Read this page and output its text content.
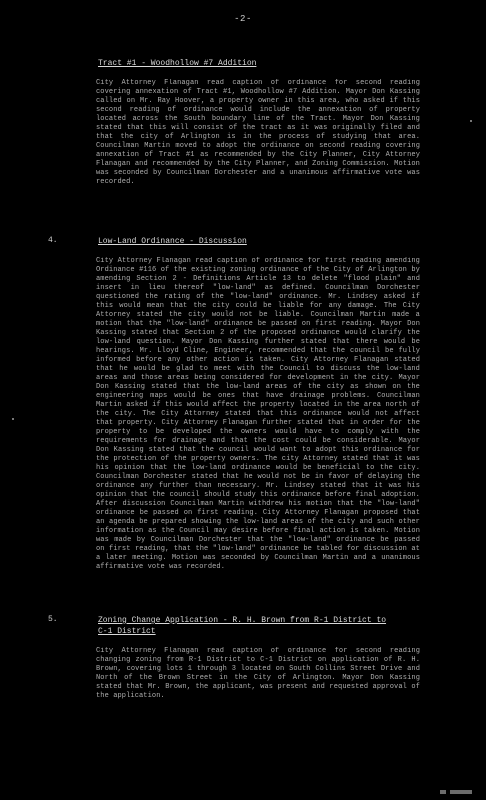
-2-
Tract #1 - Woodhollow #7 Addition

City Attorney Flanagan read caption of ordinance for second reading covering annexation of Tract #1, Woodhollow #7 Addition. Mayor Don Kassing called on Mr. Ray Hoover, a property owner in this area, who asked if this second reading of ordinance would include the annexation of property located across the South boundary line of the Tract. Mayor Don Kassing stated that this will consist of the tract as it was originally filed and that the city of Arlington is in the process of studying that area. Councilman Martin moved to adopt the ordinance on second reading covering annexation of Tract #1 as recommended by the City Planner, City Attorney Flanagan and recommended by the City Planner, and Zoning Commission. Motion was seconded by Councilman Dorchester and a unanimous affirmative vote was recorded.

4.	Low-Land Ordinance - Discussion

City Attorney Flanagan read caption of ordinance for first reading amending Ordinance #116 of the existing zoning ordinance of the City of Arlington by amending Section 2 - Definitions Article 13 to delete "flood plain" and insert in lieu thereof "low-land" as defined. Councilman Dorchester questioned the rating of the "low-land" ordinance. Mr. Lindsey asked if this would mean that the city could be liable for any damage. The City Attorney stated the city would not be liable. Councilman Martin made a motion that the "low-land" ordinance be passed on first reading. Mayor Don Kassing stated that Section 2 of the proposed ordinance would clarify the low-land question. Mayor Don Kassing further stated that there would be hearings. Mr. Lloyd Cline, Engineer, recommended that the council be fully informed before any other action is taken. City Attorney Flanagan stated that he would be glad to meet with the Council to discuss the low-land areas and those areas being considered for development in the city. Mayor Don Kassing stated that the low-land areas of the city as shown on the engineering maps would be ones that have drainage problems. Councilman Martin asked if this would affect the property located in the area north of the city. The City Attorney stated that this ordinance would not affect that property. City Attorney Flanagan further stated that in order for the property to be developed the owners would have to comply with the requirements for drainage and that the cost could be considerable. Mayor Don Kassing stated that the council would want to adopt this ordinance for the protection of the property owners. The city Attorney stated that it was his opinion that the low-land ordinance would be beneficial to the city. Councilman Dorchester stated that he would not be in favor of delaying the ordinance any further than necessary. Mr. Lindsey stated that it was his opinion that the council should study this ordinance before final adoption. After discussion Councilman Martin withdrew his motion that the "low-land" ordinance be passed on first reading. City Attorney Flanagan proposed that an agenda be prepared showing the low-land areas of the city and such other information as the Council may desire before final action is taken. Motion was made by Councilman Dorchester that the "low-land" ordinance be passed on first reading, that the "low-land" ordinance be tabled for discussion at a later meeting. Motion was seconded by Councilman Martin and a unanimous affirmative vote was recorded.

5.	Zoning Change Application - R. H. Brown from R-1 District to
C-1 District

City Attorney Flanagan read caption of ordinance for second reading changing zoning from R-1 District to C-1 District on application of R. H. Brown, covering lots 1 through 3 located on South Collins Street Drive and North of the Brown Street in the City of Arlington. Mayor Don Kassing stated that Mr. Brown, the applicant, was present and requested approval of the application.
